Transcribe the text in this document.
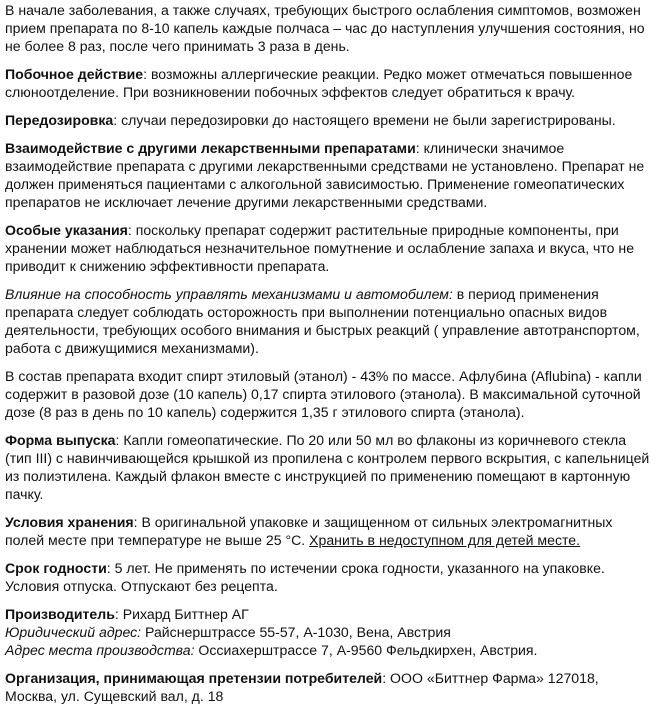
В начале заболевания, а также случаях, требующих быстрого ослабления симптомов, возможен прием препарата по 8-10 капель каждые полчаса – час до наступления улучшения состояния, но не более 8 раз, после чего принимать 3 раза в день.

Побочное действие: возможны аллергические реакции. Редко может отмечаться повышенное слюноотделение. При возникновении побочных эффектов следует обратиться к врачу.

Передозировка: случаи передозировки до настоящего времени не были зарегистрированы.

Взаимодействие с другими лекарственными препаратами: клинически значимое взаимодействие препарата с другими лекарственными средствами не установлено. Препарат не должен применяться пациентами с алкогольной зависимостью. Применение гомеопатических препаратов не исключает лечение другими лекарственными средствами.

Особые указания: поскольку препарат содержит растительные природные компоненты, при хранении может наблюдаться незначительное помутнение и ослабление запаха и вкуса, что не приводит к снижению эффективности препарата.

Влияние на способность управлять механизмами и автомобилем: в период применения препарата следует соблюдать осторожность при выполнении потенциально опасных видов деятельности, требующих особого внимания и быстрых реакций ( управление автотранспортом, работа с движущимися механизмами).

В состав препарата входит спирт этиловый (этанол) - 43% по массе. Афлубина (Aflubina) - капли содержит в разовой дозе (10 капель) 0,17 спирта этилового (этанола). В максимальной суточной дозе (8 раз в день по 10 капель) содержится 1,35 г этилового спирта (этанола).

Форма выпуска: Капли гомеопатические. По 20 или 50 мл во флаконы из коричневого стекла (тип III) с навинчивающейся крышкой из пропилена с контролем первого вскрытия, с капельницей из полиэтилена. Каждый флакон вместе с инструкцией по применению помещают в картонную пачку.

Условия хранения: В оригинальной упаковке и защищенном от сильных электромагнитных полей месте при температуре не выше 25 °С. Хранить в недоступном для детей месте.

Срок годности: 5 лет. Не применять по истечении срока годности, указанного на упаковке. Условия отпуска. Отпускают без рецепта.

Производитель: Рихард Биттнер АГ
Юридический адрес: Райснерштрассе 55-57, А-1030, Вена, Австрия
Адрес места производства: Оссиахерштрассе 7, А-9560 Фельдкирхен, Австрия.

Организация, принимающая претензии потребителей: ООО «Биттнер Фарма» 127018, Москва, ул. Сущевский вал, д. 18
